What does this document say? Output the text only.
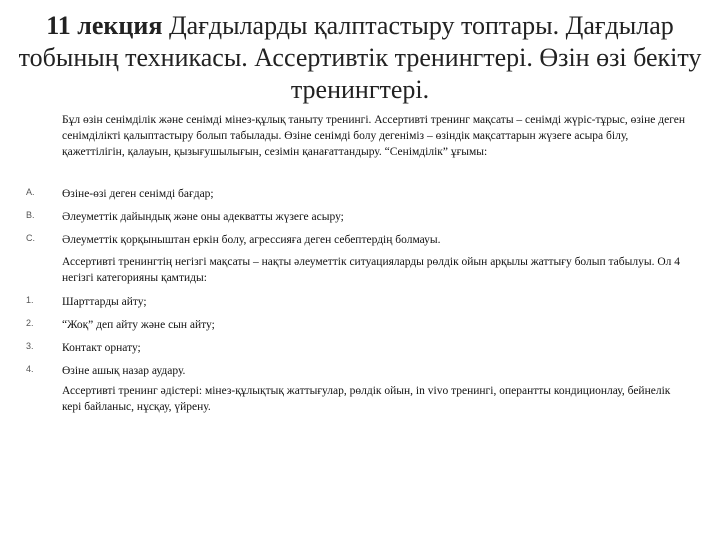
11 лекция Дағдыларды қалптастыру топтары. Дағдылар тобының техникасы. Ассертивтік тренингтері. Өзін өзі бекіту тренингтері.
Бұл өзін сенімділік және сенімді мінез-құлық таныту тренингі. Ассертивті тренинг мақсаты – сенімді жүріс-тұрыс, өзіне деген сенімділікті қалыптастыру болып табылады. Өзіне сенімді болу дегеніміз – өзіндік мақсаттарын жүзеге асыра білу, қажеттілігін, қалауын, қызығушылығын, сезімін қанағаттандыру. “Сенімділік” ұғымы:
A. Өзіне-өзі деген сенімді бағдар;
B. Әлеуметтік дайындық және оны адекватты жүзеге асыру;
C. Әлеуметтік қорқыныштан еркін болу, агрессияға деген себептердің болмауы.
Ассертивті тренингтің негізгі мақсаты – нақты әлеуметтік ситуацияларды рөлдік ойын арқылы жаттығу болып табылуы. Ол 4 негізгі категорияны қамтиды:
1. Шарттарды айту;
2. “Жоқ” деп айту және сын айту;
3. Контакт орнату;
4. Өзіне ашық назар аудару.
Ассертивті тренинг әдістері: мінез-құлықтық жаттығулар, рөлдік ойын, in vivo тренингі, оперантты кондиционлау, бейнелік кері байланыс, нұсқау, үйрену.
